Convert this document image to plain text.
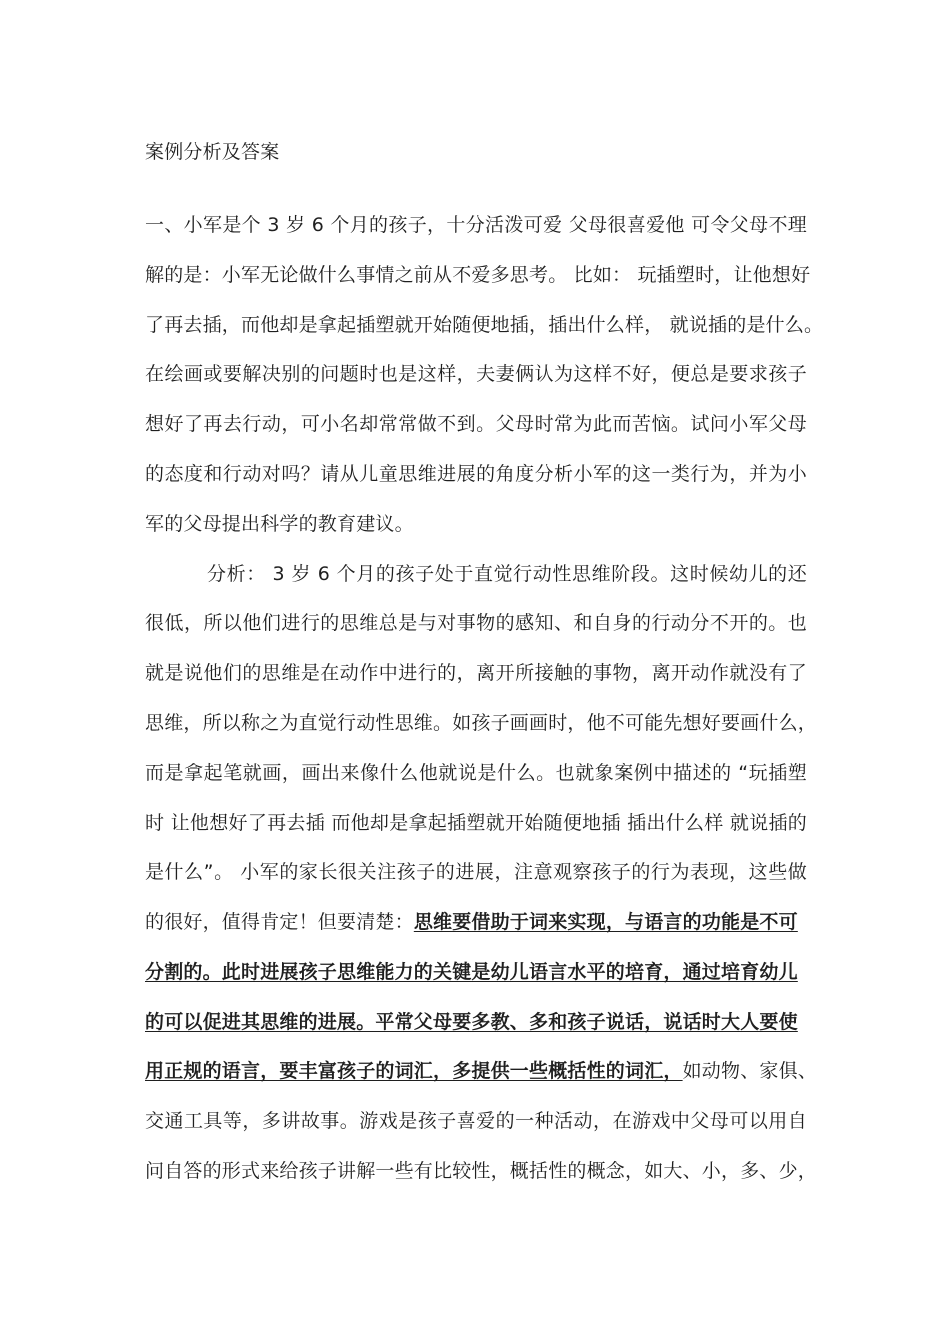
案例分析及答案
一、小军是个 3 岁 6 个月的孩子，十分活泼可爱 父母很喜爱他 可令父母不理
解的是：小军无论做什么事情之前从不爱多思考。 比如： 玩插塑时，让他想好
了再去插，而他却是拿起插塑就开始随便地插，插出什么样， 就说插的是什么。
在绘画或要解决别的问题时也是这样，夫妻俩认为这样不好，便总是要求孩子
想好了再去行动，可小名却常常做不到。父母时常为此而苦恼。试问小军父母
的态度和行动对吗？请从儿童思维进展的角度分析小军的这一类行为，并为小
军的父母提出科学的教育建议。
分析： 3 岁 6 个月的孩子处于直觉行动性思维阶段。这时候幼儿的还
很低，所以他们进行的思维总是与对事物的感知、和自身的行动分不开的。也
就是说他们的思维是在动作中进行的，离开所接触的事物，离开动作就没有了
思维，所以称之为直觉行动性思维。如孩子画画时，他不可能先想好要画什么，
而是拿起笔就画，画出来像什么他就说是什么。也就象案例中描述的 “玩插塑
时 让他想好了再去插 而他却是拿起插塑就开始随便地插 插出什么样 就说插的
是什么”。 小军的家长很关注孩子的进展，注意观察孩子的行为表现，这些做
的很好，值得肯定！但要清楚：思维要借助于词来实现，与语言的功能是不可
分割的。此时进展孩子思维能力的关键是幼儿语言水平的培育，通过培育幼儿
的可以促进其思维的进展。平常父母要多教、多和孩子说话，说话时大人要使
用正规的语言，要丰富孩子的词汇，多提供一些概括性的词汇，如动物、家俱、
交通工具等，多讲故事。游戏是孩子喜爱的一种活动，在游戏中父母可以用自
问自答的形式来给孩子讲解一些有比较性，概括性的概念，如大、小，多、少，
